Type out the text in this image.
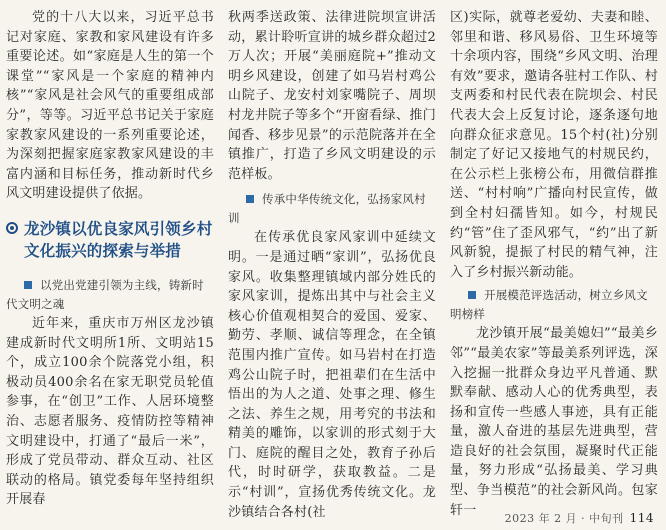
党的十八大以来，习近平总书记对家庭、家教和家风建设有许多重要论述。如“家庭是人生的第一个课堂”“家风是一个家庭的精神内核”“家风是社会风气的重要组成部分”，等等。习近平总书记关于家庭家教家风建设的一系列重要论述，为深刻把握家庭家教家风建设的丰富内涵和目标任务，推动新时代乡风文明建设提供了依据。

龙沙镇以优良家风引领乡村文化振兴的探索与举措
以党出党建引领为主线，铸新时代文明之魂

近年来，重庆市万州区龙沙镇建成新时代文明所1所、文明站15个，成立100余个院落党小组，积极动员400余名在家无职党员轮值参事，在“创卫”工作、人居环境整治、志愿者服务、疫情防控等精神文明建设中，打通了“最后一米”，形成了党员带动、群众互动、社区联动的格局。镇党委每年坚持组织开展春

秋两季送政策、法律进院坝宣讲活动，累计聆听宣讲的城乡群众超过2万人次；开展“美丽庭院+”推动文明乡风建设，创建了如马岩村鸡公山院子、龙安村刘家嘴院子、周坝村龙井院子等多个“开窗看绿、推门闻香、移步见景”的示范院落并在全镇推广，打造了乡风文明建设的示范样板。

传承中华传统文化，弘扬家风村训

在传承优良家风家训中延续文明。一是通过晒“家训”，弘扬优良家风。收集整理镇域内部分姓氏的家风家训，提炼出其中与社会主义核心价值观相契合的爱国、爱家、勤劳、孝顺、诚信等理念，在全镇范围内推广宣传。如马岩村在打造鸡公山院子时，把祖辈们在生活中悟出的为人之道、处事之理、修生之法、养生之规，用考究的书法和精美的雕饰，以家训的形式刻于大门、庭院的醒目之处，教育子孙后代，时时研学，获取教益。二是示“村训”，宣扬优秀传统文化。龙沙镇结合各村(社

区)实际，就尊老爱幼、夫妻和睦、邻里和谐、移风易俗、卫生环境等十余项内容，围绕“乡风文明、治理有效”要求，邀请各驻村工作队、村支两委和村民代表在院坝会、村民代表大会上反复讨论，逐条逐句地向群众征求意见。15个村(社)分别制定了好记又接地气的村规民约，在公示栏上张榜公布，用微信群推送、“村村响”广播向村民宣传，做到全村妇孺皆知。如今，村规民约“管”住了歪风邪气，“约”出了新风新貌，提振了村民的精气神，注入了乡村振兴新动能。

开展模范评选活动，树立乡风文明榜样

龙沙镇开展“最美媳妇”“最美乡邻”“最美农家”等最美系列评选，深入挖掘一批群众身边平凡普通、默默奉献、感动人心的优秀典型，表扬和宣传一些感人事迹，具有正能量，激人奋进的基层先进典型，营造良好的社会氛围，凝聚时代正能量，努力形成“弘扬最美、学习典型、争当模范”的社会新风尚。包家轩一

2023 年 2 月 · 中旬刊 114
